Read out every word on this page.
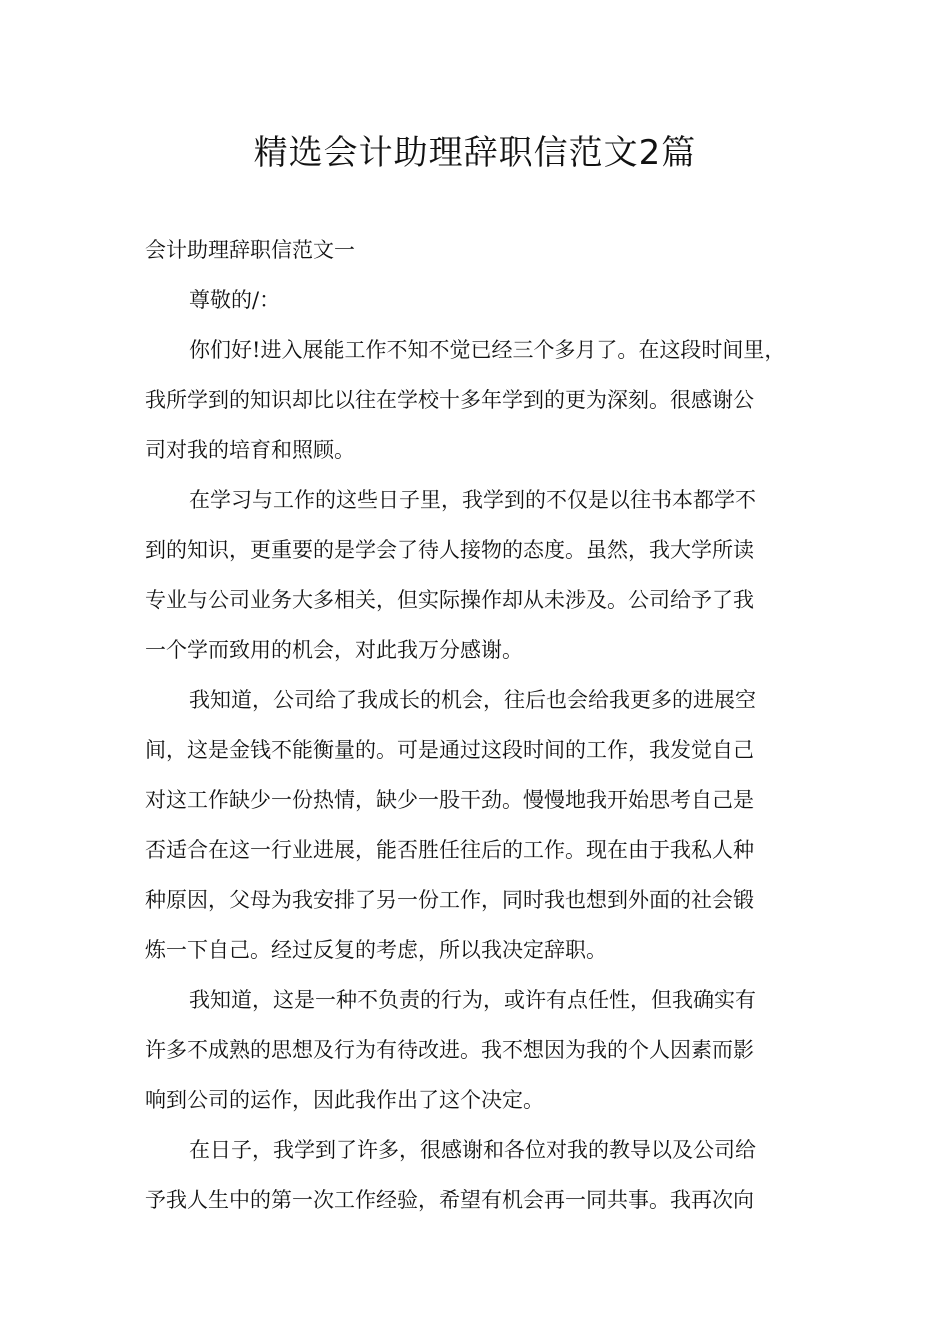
精选会计助理辞职信范文2篇
会计助理辞职信范文一
尊敬的/：
你们好!进入展能工作不知不觉已经三个多月了。在这段时间里，
我所学到的知识却比以往在学校十多年学到的更为深刻。很感谢公
司对我的培育和照顾。
在学习与工作的这些日子里，我学到的不仅是以往书本都学不
到的知识，更重要的是学会了待人接物的态度。虽然，我大学所读
专业与公司业务大多相关，但实际操作却从未涉及。公司给予了我
一个学而致用的机会，对此我万分感谢。
我知道，公司给了我成长的机会，往后也会给我更多的进展空
间，这是金钱不能衡量的。可是通过这段时间的工作，我发觉自己
对这工作缺少一份热情，缺少一股干劲。慢慢地我开始思考自己是
否适合在这一行业进展，能否胜任往后的工作。现在由于我私人种
种原因，父母为我安排了另一份工作，同时我也想到外面的社会锻
炼一下自己。经过反复的考虑，所以我决定辞职。
我知道，这是一种不负责的行为，或许有点任性，但我确实有
许多不成熟的思想及行为有待改进。我不想因为我的个人因素而影
响到公司的运作，因此我作出了这个决定。
在日子，我学到了许多，很感谢和各位对我的教导以及公司给
予我人生中的第一次工作经验，希望有机会再一同共事。我再次向
